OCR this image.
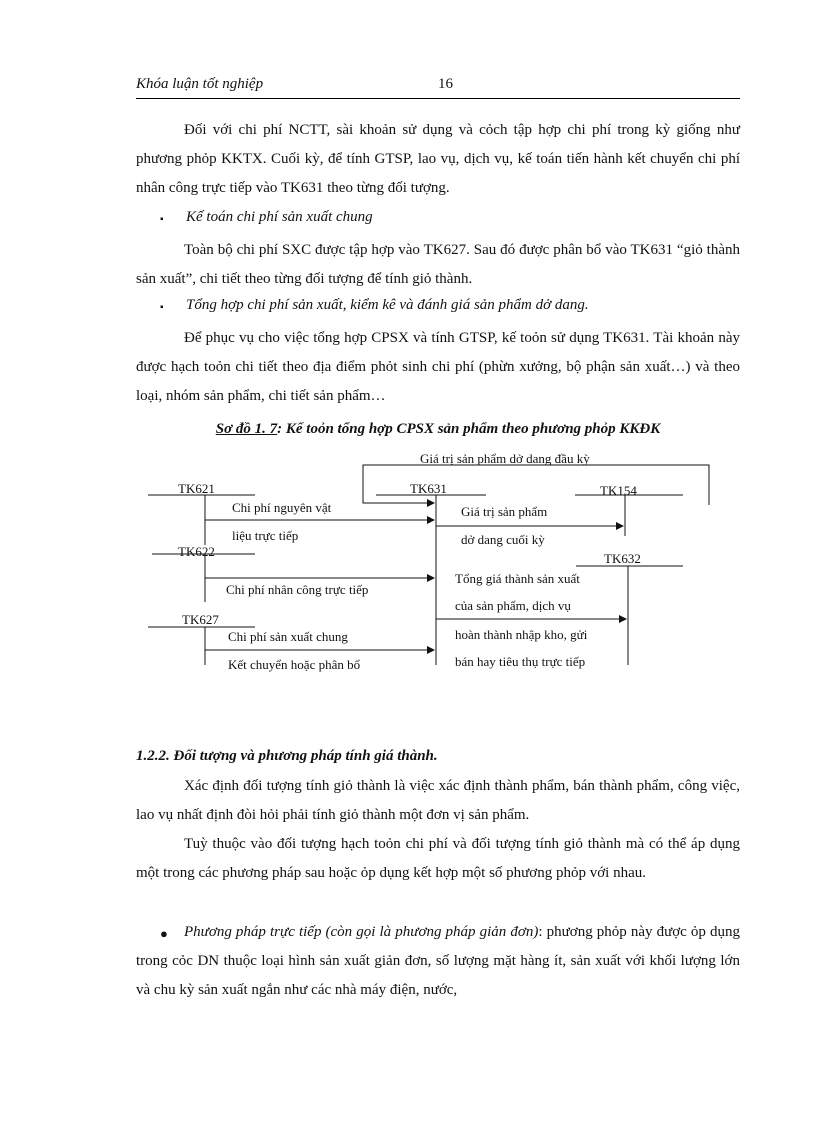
Khóa luận tốt nghiệp	16

Đối với chi phí NCTT, sài khoản sử dụng và cỏch tập hợp chi phí trong kỳ giống như phương phỏp KKTX. Cuối kỳ, để tính GTSP, lao vụ, dịch vụ, kế toán tiến hành kết chuyển chi phí nhân công trực tiếp vào TK631 theo từng đối tượng.

▪ Kế toán chi phí sản xuất chung

Toàn bộ chi phí SXC được tập hợp vào TK627. Sau đó được phân bổ vào TK631 “giỏ thành sản xuất”, chi tiết theo từng đối tượng để tính giỏ thành.

▪ Tổng hợp chi phí sản xuất, kiểm kê và đánh giá sản phẩm dở dang.

Để phục vụ cho việc tổng hợp CPSX và tính GTSP, kế toỏn sử dụng TK631. Tài khoản này được hạch toỏn chi tiết theo địa điểm phỏt sinh chi phí (phừn xưởng, bộ phận sản xuất…) và theo loại, nhóm sản phẩm, chi tiết sản phẩm…

Sơ đồ 1. 7: Kế toỏn tổng hợp CPSX sản phẩm theo phương phỏp KKĐK
TK621
TK622
TK627
TK631	TK154
TK632
Giá trị sản phẩm dở dang đầu kỳ
Chi phí nguyên vật
liệu trực tiếp
Chi phí nhân công trực tiếp
Chi phí sản xuất chung
Kết chuyển hoặc phân bổ
Giá trị sản phẩm
dở dang cuối kỳ
Tổng giá thành sản xuất
của sản phẩm, dịch vụ
hoàn thành nhập kho, gửi
bán hay tiêu thụ trực tiếp
1.2.2. Đối tượng và phương pháp tính giá thành.

Xác định đối tượng tính giỏ thành là việc xác định thành phẩm, bán thành phẩm, công việc, lao vụ nhất định đòi hỏi phải tính giỏ thành một đơn vị sản phẩm.

Tuỳ thuộc vào đối tượng hạch toỏn chi phí và đối tượng tính giỏ thành mà có thể áp dụng một trong các phương pháp sau hoặc ỏp dụng kết hợp một số phương phỏp với nhau.

●	Phương pháp trực tiếp (còn gọi là phương pháp giản đơn): phương phỏp này được ỏp dụng trong cỏc DN thuộc loại hình sản xuất giản đơn, số lượng mặt hàng ít, sản xuất với khối lượng lớn và chu kỳ sản xuất ngắn như các nhà máy điện, nước,
